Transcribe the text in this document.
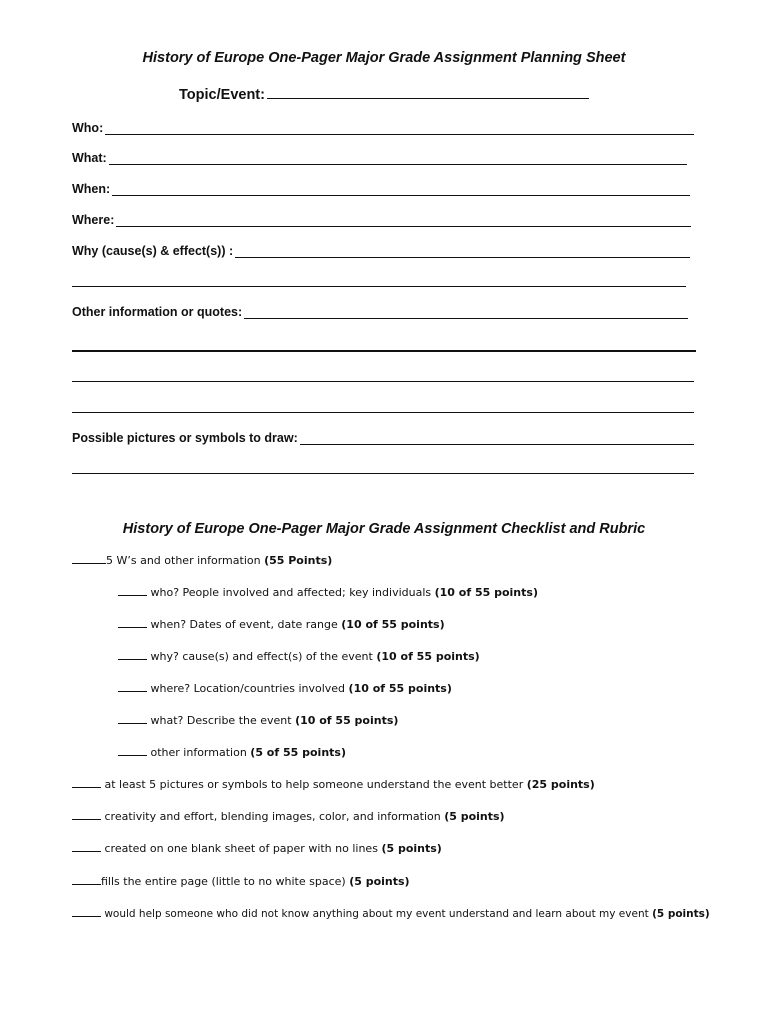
History of Europe One-Pager Major Grade Assignment Planning Sheet
Topic/Event:
Who:
What:
When:
Where:
Why (cause(s) & effect(s)) :
Other information or quotes:
Possible pictures or symbols to draw:
History of Europe One-Pager Major Grade Assignment Checklist and Rubric
5 W’s and other information (55 Points)
who? People involved and affected; key individuals (10 of 55 points)
when? Dates of event, date range (10 of 55 points)
why? cause(s) and effect(s) of the event (10 of 55 points)
where? Location/countries involved (10 of 55 points)
what? Describe the event (10 of 55 points)
other information (5 of 55 points)
at least 5 pictures or symbols to help someone understand the event better (25 points)
creativity and effort, blending images, color, and information (5 points)
created on one blank sheet of paper with no lines (5 points)
fills the entire page (little to no white space) (5 points)
would help someone who did not know anything about my event understand and learn about my event (5 points)
